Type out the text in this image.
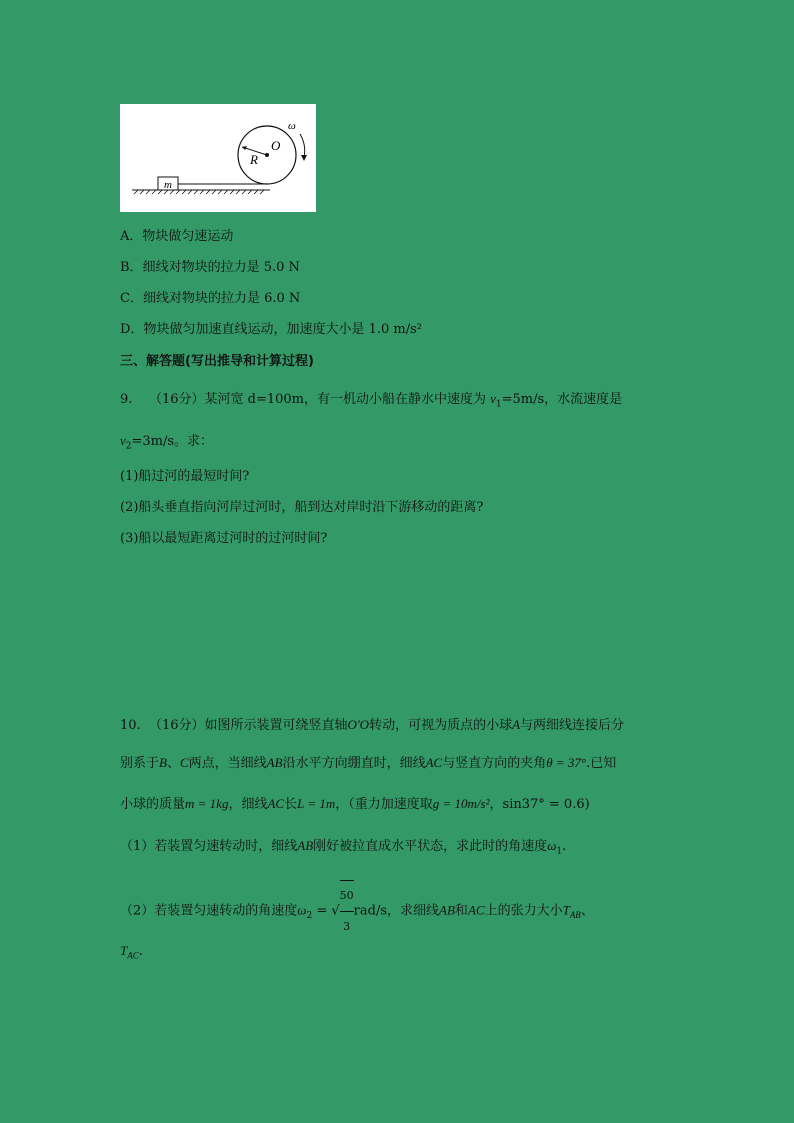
m
O
R
ω
A．物块做匀速运动
B．细线对物块的拉力是 5.0 N
C．细线对物块的拉力是 6.0 N
D．物块做匀加速直线运动，加速度大小是 1.0 m/s²
三、解答题(写出推导和计算过程)
9. （16分）某河宽 d=100m，有一机动小船在静水中速度为 $v_1=5m/s$，水流速度是
$v_2=3m/s$。求：
(1)船过河的最短时间?
(2)船头垂直指向河岸过河时，船到达对岸时沿下游移动的距离?
(3)船以最短距离过河时的过河时间?
10. （16分）如图所示装置可绕竖直轴O'O转动，可视为质点的小球A与两细线连接后分
别系于B、C两点，当细线AB沿水平方向绷直时，细线AC与竖直方向的夹角θ = 37°.已知
小球的质量m = 1kg，细线AC长L = 1m，（重力加速度取g = 10m/s²，sin37° = 0.6)
（1）若装置匀速转动时，细线AB刚好被拉直成水平状态，求此时的角速度$\omega_1$.
（2）若装置匀速转动的角速度$\omega_2$ = √ $\frac{50}{3} rad/s$，求细线AB和AC上的张力大小$T_{AB}$、
$T_{AC}$.
